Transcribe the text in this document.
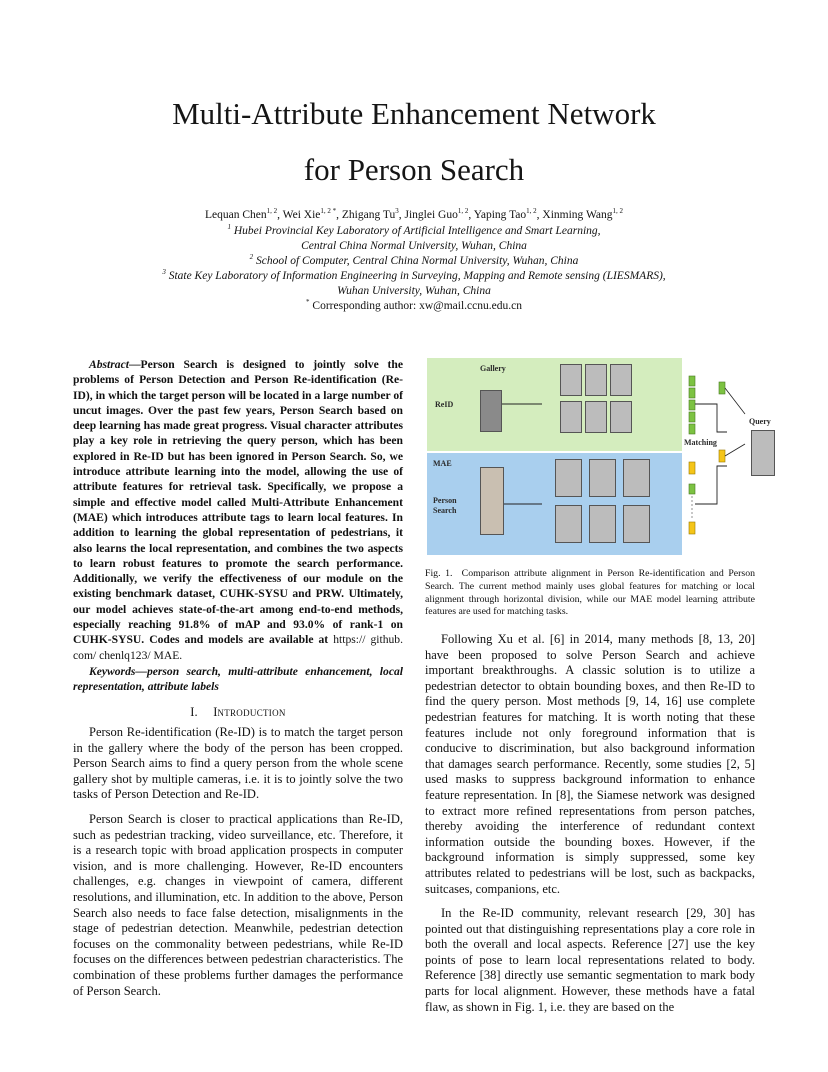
Multi-Attribute Enhancement Network
for Person Search
Lequan Chen$^{1, 2}$, Wei Xie$^{1, 2 *}$, Zhigang Tu$^3$, Jinglei Guo$^{1, 2}$, Yaping Tao$^{1, 2}$, Xinming Wang$^{1, 2}$
$^1$ Hubei Provincial Key Laboratory of Artificial Intelligence and Smart Learning,
Central China Normal University, Wuhan, China
$^2$ School of Computer, Central China Normal University, Wuhan, China
$^3$ State Key Laboratory of Information Engineering in Surveying, Mapping and Remote sensing (LIESMARS),
Wuhan University, Wuhan, China
* Corresponding author: xw@mail.ccnu.edu.cn

Abstract—Person Search is designed to jointly solve the problems of Person Detection and Person Re-identification (Re-ID), in which the target person will be located in a large number of uncut images. Over the past few years, Person Search based on deep learning has made great progress. Visual character attributes play a key role in retrieving the query person, which has been explored in Re-ID but has been ignored in Person Search. So, we introduce attribute learning into the model, allowing the use of attribute features for retrieval task. Specifically, we propose a simple and effective model called Multi-Attribute Enhancement (MAE) which introduces attribute tags to learn local features. In addition to learning the global representation of pedestrians, it also learns the local representation, and combines the two aspects to learn robust features to promote the search performance. Additionally, we verify the effectiveness of our module on the existing benchmark dataset, CUHK-SYSU and PRW. Ultimately, our model achieves state-of-the-art among end-to-end methods, especially reaching 91.8% of mAP and 93.0% of rank-1 on CUHK-SYSU. Codes and models are available at https:// github. com/ chenlq123/ MAE.

Keywords—person search, multi-attribute enhancement, local representation, attribute labels

I. Introduction

Person Re-identification (Re-ID) is to match the target person in the gallery where the body of the person has been cropped. Person Search aims to find a query person from the whole scene gallery shot by multiple cameras, i.e. it is to jointly solve the two tasks of Person Detection and Re-ID.

Person Search is closer to practical applications than Re-ID, such as pedestrian tracking, video surveillance, etc. Therefore, it is a research topic with broad application prospects in computer vision, and is more challenging. However, Re-ID encounters challenges, e.g. changes in viewpoint of camera, different resolutions, and illumination, etc. In addition to the above, Person Search also needs to face false detection, misalignments in the stage of pedestrian detection. Meanwhile, pedestrian detection focuses on the commonality between pedestrians, while Re-ID focuses on the differences between pedestrian characteristics. The combination of these problems further damages the performance of Person Search.

Gallery
ReID
MAE
Person
Search
Matching
Query

Fig. 1. Comparison attribute alignment in Person Re-identification and Person Search. The current method mainly uses global features for matching or local alignment through horizontal division, while our MAE model learning attribute features are used for matching tasks.

Following Xu et al. [6] in 2014, many methods [8, 13, 20] have been proposed to solve Person Search and achieve important breakthroughs. A classic solution is to utilize a pedestrian detector to obtain bounding boxes, and then Re-ID to find the query person. Most methods [9, 14, 16] use complete pedestrian features for matching. It is worth noting that these features include not only foreground information that is conducive to discrimination, but also background information that damages search performance. Recently, some studies [2, 5] used masks to suppress background information to enhance feature representation. In [8], the Siamese network was designed to extract more refined representations from person patches, thereby avoiding the interference of redundant context information outside the bounding boxes. However, if the background information is simply suppressed, some key attributes related to pedestrians will be lost, such as backpacks, suitcases, companions, etc.

In the Re-ID community, relevant research [29, 30] has pointed out that distinguishing representations play a core role in both the overall and local aspects. Reference [27] use the key points of pose to learn local representations related to body. Reference [38] directly use semantic segmentation to mark body parts for local alignment. However, these methods have a fatal flaw, as shown in Fig. 1, i.e. they are based on the
